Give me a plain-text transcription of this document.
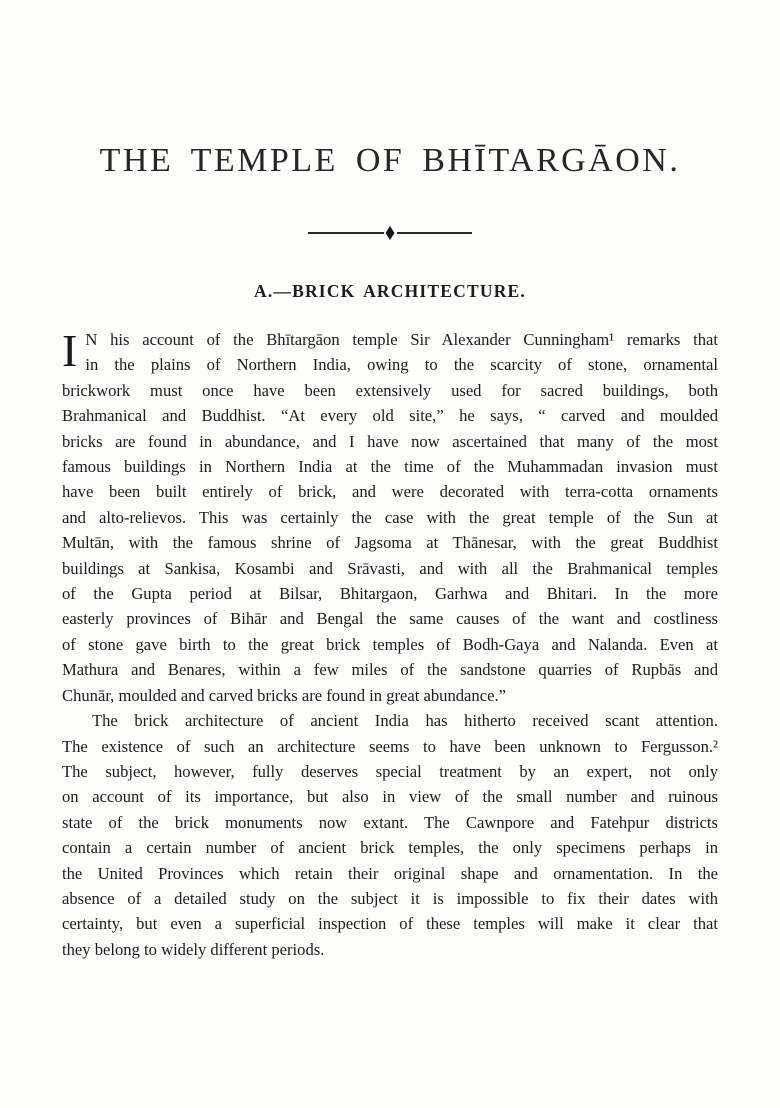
THE TEMPLE OF BHĪTARGĀON.
A.—BRICK ARCHITECTURE.
I N his account of the Bhītargāon temple Sir Alexander Cunningham¹ remarks that
in the plains of Northern India, owing to the scarcity of stone, ornamental
brickwork must once have been extensively used for sacred buildings, both
Brahmanical and Buddhist. “At every old site,” he says, “ carved and moulded
bricks are found in abundance, and I have now ascertained that many of the most
famous buildings in Northern India at the time of the Muhammadan invasion must
have been built entirely of brick, and were decorated with terra-cotta ornaments
and alto-relievos. This was certainly the case with the great temple of the Sun at
Multān, with the famous shrine of Jagsoma at Thānesar, with the great Buddhist
buildings at Sankisa, Kosambi and Srāvasti, and with all the Brahmanical temples
of the Gupta period at Bilsar, Bhitargaon, Garhwa and Bhitari. In the more
easterly provinces of Bihār and Bengal the same causes of the want and costliness
of stone gave birth to the great brick temples of Bodh-Gaya and Nalanda. Even at
Mathura and Benares, within a few miles of the sandstone quarries of Rupbās and
Chunār, moulded and carved bricks are found in great abundance.”
The brick architecture of ancient India has hitherto received scant attention.
The existence of such an architecture seems to have been unknown to Fergusson.²
The subject, however, fully deserves special treatment by an expert, not only
on account of its importance, but also in view of the small number and ruinous
state of the brick monuments now extant. The Cawnpore and Fatehpur districts
contain a certain number of ancient brick temples, the only specimens perhaps in
the United Provinces which retain their original shape and ornamentation. In the
absence of a detailed study on the subject it is impossible to fix their dates with
certainty, but even a superficial inspection of these temples will make it clear that
they belong to widely different periods.
